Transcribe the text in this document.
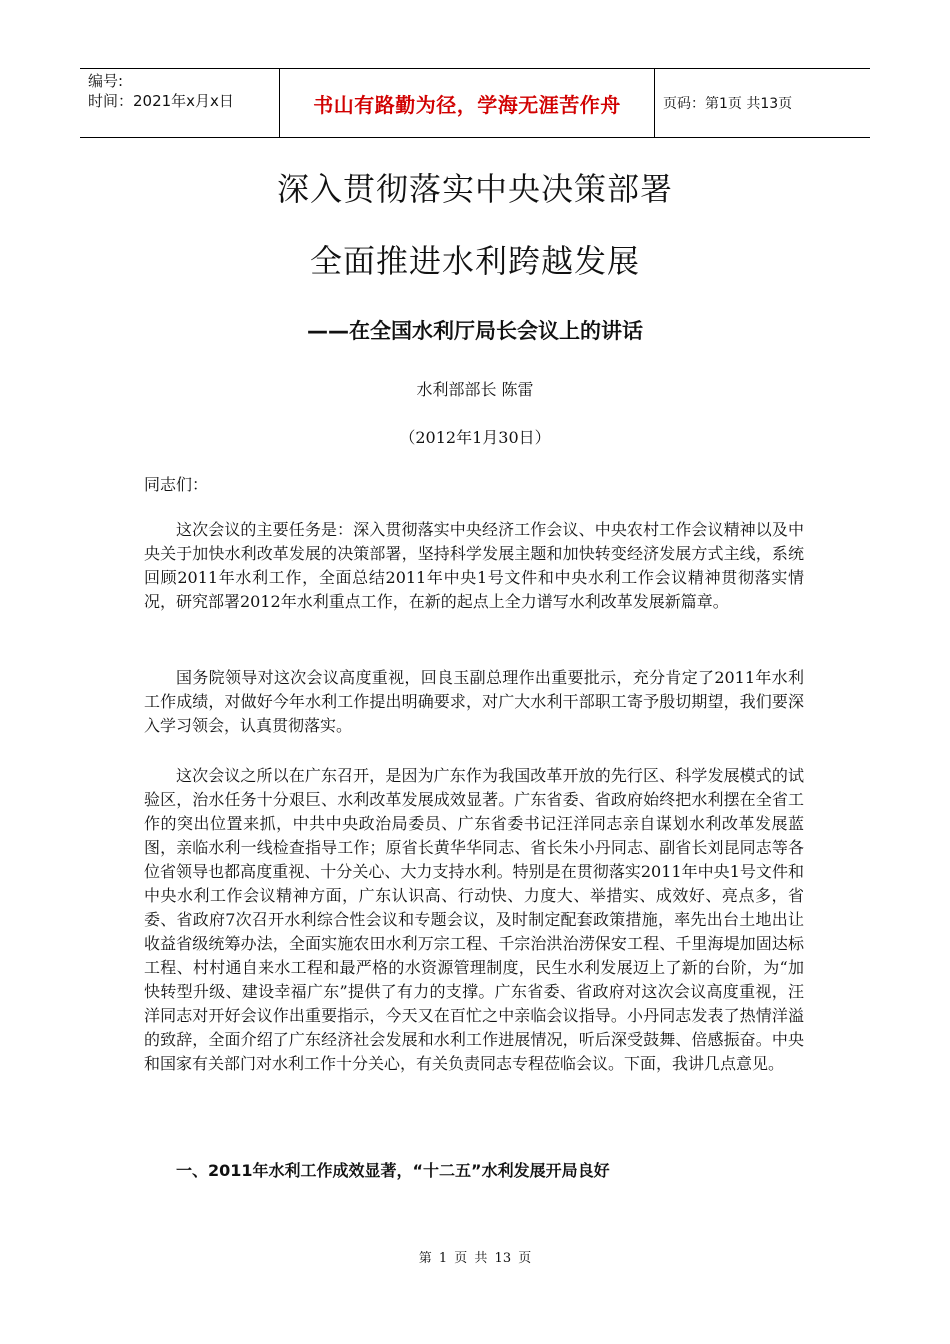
编号:
时间：2021年x月x日	书山有路勤为径，学海无涯苦作舟	页码：第1页 共13页
深入贯彻落实中央决策部署
全面推进水利跨越发展
——在全国水利厅局长会议上的讲话
水利部部长 陈雷
（2012年1月30日）
同志们：

这次会议的主要任务是：深入贯彻落实中央经济工作会议、中央农村工作会议精神以及中央关于加快水利改革发展的决策部署，坚持科学发展主题和加快转变经济发展方式主线，系统回顾2011年水利工作，全面总结2011年中央1号文件和中央水利工作会议精神贯彻落实情况，研究部署2012年水利重点工作，在新的起点上全力谱写水利改革发展新篇章。

国务院领导对这次会议高度重视，回良玉副总理作出重要批示，充分肯定了2011年水利工作成绩，对做好今年水利工作提出明确要求，对广大水利干部职工寄予殷切期望，我们要深入学习领会，认真贯彻落实。

这次会议之所以在广东召开，是因为广东作为我国改革开放的先行区、科学发展模式的试验区，治水任务十分艰巨、水利改革发展成效显著。广东省委、省政府始终把水利摆在全省工作的突出位置来抓，中共中央政治局委员、广东省委书记汪洋同志亲自谋划水利改革发展蓝图，亲临水利一线检查指导工作；原省长黄华华同志、省长朱小丹同志、副省长刘昆同志等各位省领导也都高度重视、十分关心、大力支持水利。特别是在贯彻落实2011年中央1号文件和中央水利工作会议精神方面，广东认识高、行动快、力度大、举措实、成效好、亮点多，省委、省政府7次召开水利综合性会议和专题会议，及时制定配套政策措施，率先出台土地出让收益省级统筹办法，全面实施农田水利万宗工程、千宗治洪治涝保安工程、千里海堤加固达标工程、村村通自来水工程和最严格的水资源管理制度，民生水利发展迈上了新的台阶，为“加快转型升级、建设幸福广东”提供了有力的支撑。广东省委、省政府对这次会议高度重视，汪洋同志对开好会议作出重要指示，今天又在百忙之中亲临会议指导。小丹同志发表了热情洋溢的致辞，全面介绍了广东经济社会发展和水利工作进展情况，听后深受鼓舞、倍感振奋。中央和国家有关部门对水利工作十分关心，有关负责同志专程莅临会议。下面，我讲几点意见。

一、2011年水利工作成效显著，“十二五”水利发展开局良好
第 1 页 共 13 页
